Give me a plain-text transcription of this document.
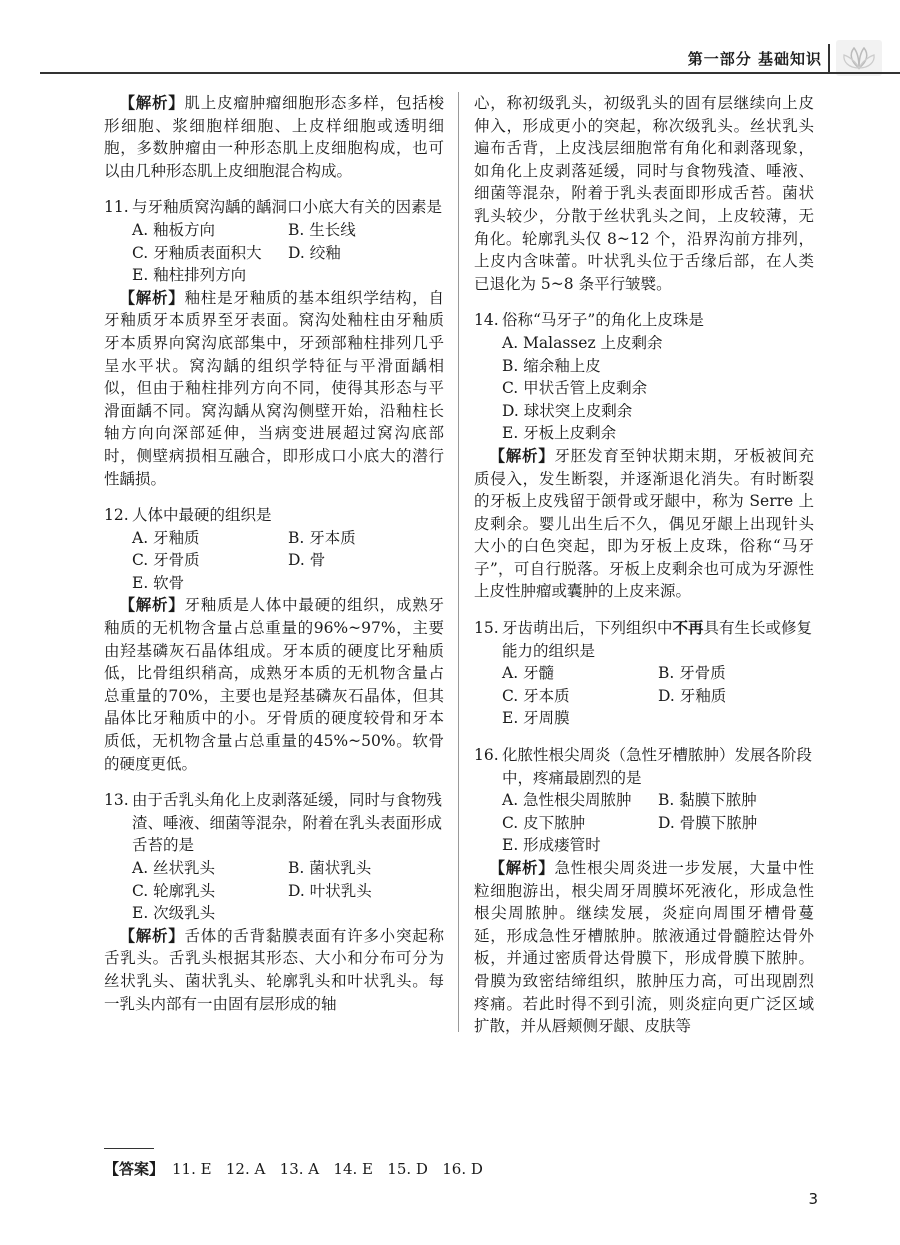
第一部分 基础知识

【解析】肌上皮瘤肿瘤细胞形态多样，包括梭形细胞、浆细胞样细胞、上皮样细胞或透明细胞，多数肿瘤由一种形态肌上皮细胞构成，也可以由几种形态肌上皮细胞混合构成。

11. 与牙釉质窝沟龋的龋洞口小底大有关的因素是
A. 釉板方向	B. 生长线
C. 牙釉质表面积大	D. 绞釉
E. 釉柱排列方向

【解析】釉柱是牙釉质的基本组织学结构，自牙釉质牙本质界至牙表面。窝沟处釉柱由牙釉质牙本质界向窝沟底部集中，牙颈部釉柱排列几乎呈水平状。窝沟龋的组织学特征与平滑面龋相似，但由于釉柱排列方向不同，使得其形态与平滑面龋不同。窝沟龋从窝沟侧壁开始，沿釉柱长轴方向向深部延伸，当病变进展超过窝沟底部时，侧壁病损相互融合，即形成口小底大的潜行性龋损。

12. 人体中最硬的组织是
A. 牙釉质	B. 牙本质
C. 牙骨质	D. 骨
E. 软骨

【解析】牙釉质是人体中最硬的组织，成熟牙釉质的无机物含量占总重量的96%~97%，主要由羟基磷灰石晶体组成。牙本质的硬度比牙釉质低，比骨组织稍高，成熟牙本质的无机物含量占总重量的70%，主要也是羟基磷灰石晶体，但其晶体比牙釉质中的小。牙骨质的硬度较骨和牙本质低，无机物含量占总重量的45%~50%。软骨的硬度更低。

13. 由于舌乳头角化上皮剥落延缓，同时与食物残渣、唾液、细菌等混杂，附着在乳头表面形成舌苔的是
A. 丝状乳头	B. 菌状乳头
C. 轮廓乳头	D. 叶状乳头
E. 次级乳头

【解析】舌体的舌背黏膜表面有许多小突起称舌乳头。舌乳头根据其形态、大小和分布可分为丝状乳头、菌状乳头、轮廓乳头和叶状乳头。每一乳头内部有一由固有层形成的轴

心，称初级乳头，初级乳头的固有层继续向上皮伸入，形成更小的突起，称次级乳头。丝状乳头遍布舌背，上皮浅层细胞常有角化和剥落现象，如角化上皮剥落延缓，同时与食物残渣、唾液、细菌等混杂，附着于乳头表面即形成舌苔。菌状乳头较少，分散于丝状乳头之间，上皮较薄，无角化。轮廓乳头仅 8~12 个，沿界沟前方排列，上皮内含味蕾。叶状乳头位于舌缘后部，在人类已退化为 5~8 条平行皱襞。

14. 俗称“马牙子”的角化上皮珠是
A. Malassez 上皮剩余
B. 缩余釉上皮
C. 甲状舌管上皮剩余
D. 球状突上皮剩余
E. 牙板上皮剩余

【解析】牙胚发育至钟状期末期，牙板被间充质侵入，发生断裂，并逐渐退化消失。有时断裂的牙板上皮残留于颌骨或牙龈中，称为 Serre 上皮剩余。婴儿出生后不久，偶见牙龈上出现针头大小的白色突起，即为牙板上皮珠，俗称“马牙子”，可自行脱落。牙板上皮剩余也可成为牙源性上皮性肿瘤或囊肿的上皮来源。

15. 牙齿萌出后，下列组织中不再具有生长或修复能力的组织是
A. 牙髓	B. 牙骨质
C. 牙本质	D. 牙釉质
E. 牙周膜
16. 化脓性根尖周炎（急性牙槽脓肿）发展各阶段中，疼痛最剧烈的是
A. 急性根尖周脓肿	B. 黏膜下脓肿
C. 皮下脓肿	D. 骨膜下脓肿
E. 形成瘘管时

【解析】急性根尖周炎进一步发展，大量中性粒细胞游出，根尖周牙周膜坏死液化，形成急性根尖周脓肿。继续发展，炎症向周围牙槽骨蔓延，形成急性牙槽脓肿。脓液通过骨髓腔达骨外板，并通过密质骨达骨膜下，形成骨膜下脓肿。骨膜为致密结缔组织，脓肿压力高，可出现剧烈疼痛。若此时得不到引流，则炎症向更广泛区域扩散，并从唇颊侧牙龈、皮肤等

【答案】 11. E   12. A   13. A   14. E   15. D   16. D
3
